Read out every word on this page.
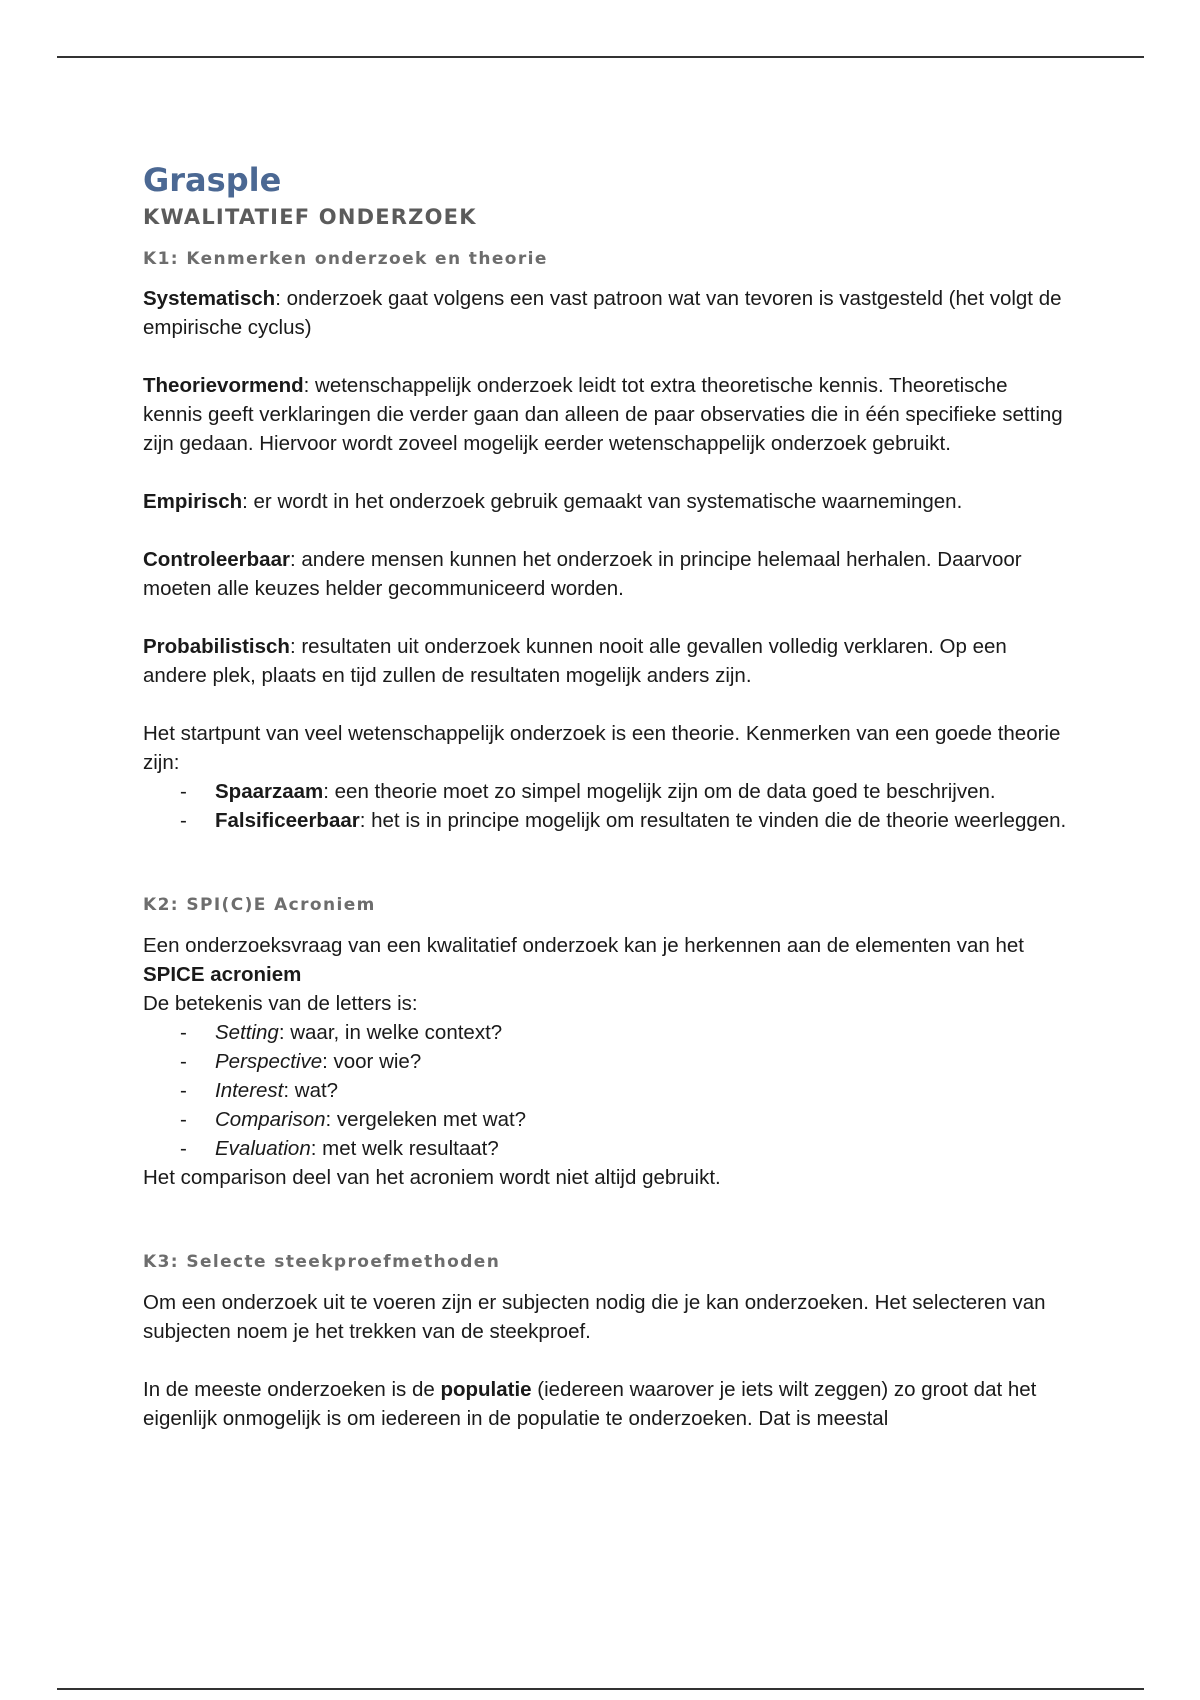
Grasple
KWALITATIEF ONDERZOEK
K1: Kenmerken onderzoek en theorie

Systematisch: onderzoek gaat volgens een vast patroon wat van tevoren is vastgesteld (het volgt de empirische cyclus)

Theorievormend: wetenschappelijk onderzoek leidt tot extra theoretische kennis. Theoretische kennis geeft verklaringen die verder gaan dan alleen de paar observaties die in één specifieke setting zijn gedaan. Hiervoor wordt zoveel mogelijk eerder wetenschappelijk onderzoek gebruikt.

Empirisch: er wordt in het onderzoek gebruik gemaakt van systematische waarnemingen.

Controleerbaar: andere mensen kunnen het onderzoek in principe helemaal herhalen. Daarvoor moeten alle keuzes helder gecommuniceerd worden.

Probabilistisch: resultaten uit onderzoek kunnen nooit alle gevallen volledig verklaren. Op een andere plek, plaats en tijd zullen de resultaten mogelijk anders zijn.

Het startpunt van veel wetenschappelijk onderzoek is een theorie. Kenmerken van een goede theorie zijn:

- Spaarzaam: een theorie moet zo simpel mogelijk zijn om de data goed te beschrijven.
- Falsificeerbaar: het is in principe mogelijk om resultaten te vinden die de theorie weerleggen.
K2: SPI(C)E Acroniem

Een onderzoeksvraag van een kwalitatief onderzoek kan je herkennen aan de elementen van het SPICE acroniem

De betekenis van de letters is:

- Setting: waar, in welke context?
- Perspective: voor wie?
- Interest: wat?
- Comparison: vergeleken met wat?
- Evaluation: met welk resultaat?

Het comparison deel van het acroniem wordt niet altijd gebruikt.

K3: Selecte steekproefmethoden

Om een onderzoek uit te voeren zijn er subjecten nodig die je kan onderzoeken. Het selecteren van subjecten noem je het trekken van de steekproef.

In de meeste onderzoeken is de populatie (iedereen waarover je iets wilt zeggen) zo groot dat het eigenlijk onmogelijk is om iedereen in de populatie te onderzoeken. Dat is meestal
